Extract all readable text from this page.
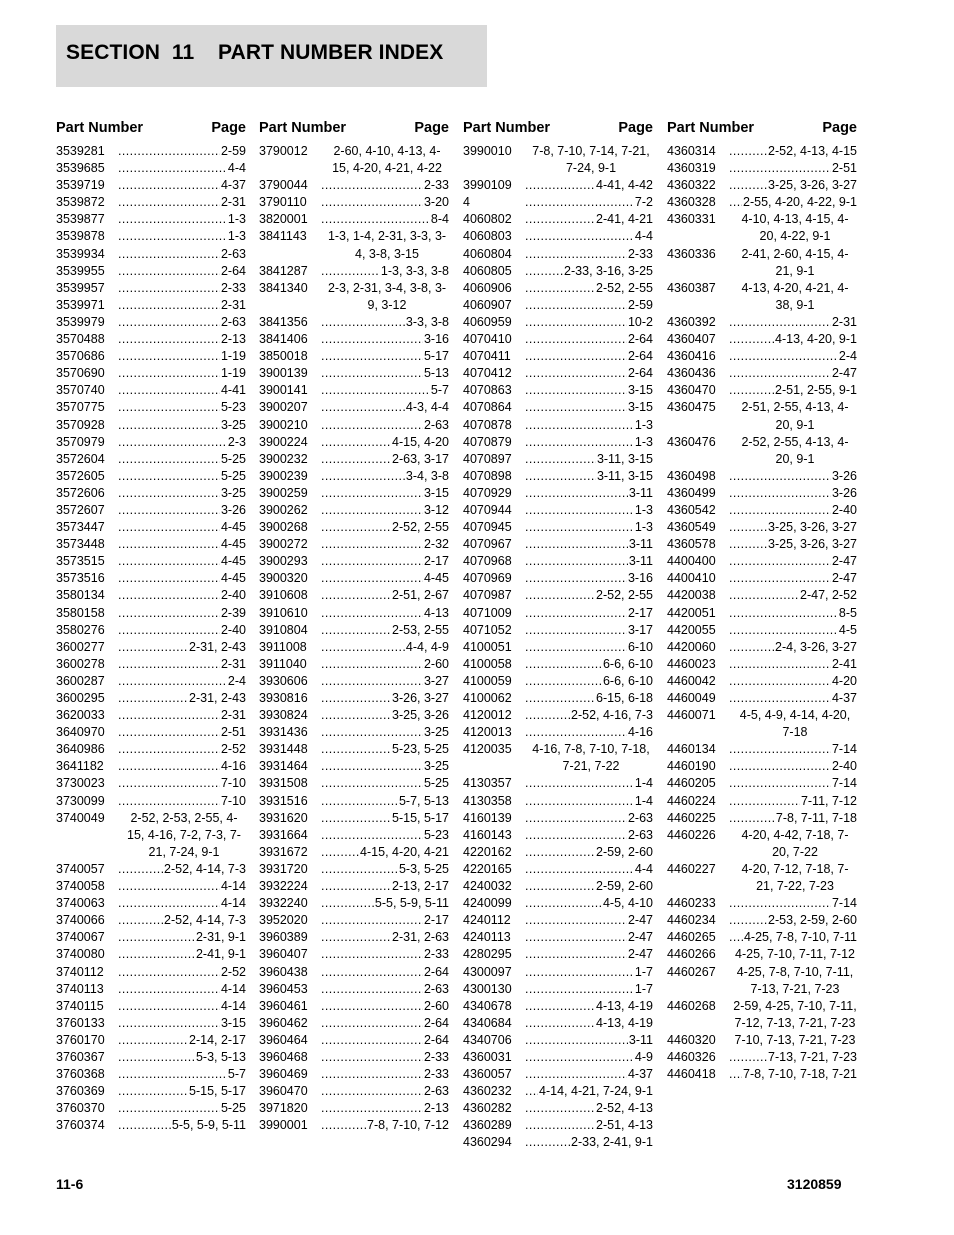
SECTION  11    PART NUMBER INDEX
Part Number	Page
3539281 .....	2-59
3539685 .....	4-4
3539719 .....	4-37
3539872 .....	2-31
3539877 .....	1-3
3539878 .....	1-3
3539934 .....	2-63
3539955 .....	2-64
3539957 .....	2-33
3539971 .....	2-31
3539979 .....	2-63
3570488 .....	2-13
3570686 .....	1-19
3570690 .....	1-19
3570740 .....	4-41
3570775 .....	5-23
3570928 .....	3-25
3570979 .....	2-3
3572604 .....	5-25
3572605 .....	5-25
3572606 .....	3-25
3572607 .....	3-26
3573447 .....	4-45
3573448 .....	4-45
3573515 .....	4-45
3573516 .....	4-45
3580134 .....	2-40
3580158 .....	2-39
3580276 .....	2-40
3600277 .....	2-31, 2-43
3600278 .....	2-31
3600287 .....	2-4
3600295 .....	2-31, 2-43
3620033 .....	2-31
3640970 .....	2-51
3640986 .....	2-52
3641182 .....	4-16
3730023 .....	7-10
3730099 .....	7-10
3740049	2-52, 2-53, 2-55, 4-15, 4-16, 7-2, 7-3, 7-21, 7-24, 9-1
3740057 .....	2-52, 4-14, 7-3
3740058 .....	4-14
3740063 .....	4-14
3740066 .....	2-52, 4-14, 7-3
3740067 .....	2-31, 9-1
3740080 .....	2-41, 9-1
3740112 .....	2-52
3740113 .....	4-14
3740115 .....	4-14
3760133 .....	3-15
3760170 .....	2-14, 2-17
3760367 .....	5-3, 5-13
3760368 .....	5-7
3760369 .....	5-15, 5-17
3760370 .....	5-25
3760374 .....	5-5, 5-9, 5-11
Part Number	Page
3790012	2-60, 4-10, 4-13, 4-15, 4-20, 4-21, 4-22
3790044 .....	2-33
3790110 .....	3-20
3820001 .....	8-4
3841143	1-3, 1-4, 2-31, 3-3, 3-4, 3-8, 3-15
3841287 .....	1-3, 3-3, 3-8
3841340	2-3, 2-31, 3-4, 3-8, 3-9, 3-12
3841356 .....	3-3, 3-8
3841406 .....	3-16
3850018 .....	5-17
3900139 .....	5-13
3900141 .....	5-7
3900207 .....	4-3, 4-4
3900210 .....	2-63
3900224 .....	4-15, 4-20
3900232 .....	2-63, 3-17
3900239 .....	3-4, 3-8
3900259 .....	3-15
3900262 .....	3-12
3900268 .....	2-52, 2-55
3900272 .....	2-32
3900293 .....	2-17
3900320 .....	4-45
3910608 .....	2-51, 2-67
3910610 .....	4-13
3910804 .....	2-53, 2-55
3911008 .....	4-4, 4-9
3911040 .....	2-60
3930606 .....	3-27
3930816 .....	3-26, 3-27
3930824 .....	3-25, 3-26
3931436 .....	3-25
3931448 .....	5-23, 5-25
3931464 .....	3-25
3931508 .....	5-25
3931516 .....	5-7, 5-13
3931620 .....	5-15, 5-17
3931664 .....	5-23
3931672 .....	4-15, 4-20, 4-21
3931720 .....	5-3, 5-25
3932224 .....	2-13, 2-17
3932240 .....	5-5, 5-9, 5-11
3952020 .....	2-17
3960389 .....	2-31, 2-63
3960407 .....	2-33
3960438 .....	2-64
3960453 .....	2-63
3960461 .....	2-60
3960462 .....	2-64
3960464 .....	2-64
3960468 .....	2-33
3960469 .....	2-33
3960470 .....	2-63
3971820 .....	2-13
3990001 .....	7-8, 7-10, 7-12
Part Number	Page
3990010	7-8, 7-10, 7-14, 7-21, 7-24, 9-1
3990109 .....	4-41, 4-42
4 .....	7-2
4060802 .....	2-41, 4-21
4060803 .....	4-4
4060804 .....	2-33
4060805 .....	2-33, 3-16, 3-25
4060906 .....	2-52, 2-55
4060907 .....	2-59
4060959 .....	10-2
4070410 .....	2-64
4070411 .....	2-64
4070412 .....	2-64
4070863 .....	3-15
4070864 .....	3-15
4070878 .....	1-3
4070879 .....	1-3
4070897 .....	3-11, 3-15
4070898 .....	3-11, 3-15
4070929 .....	3-11
4070944 .....	1-3
4070945 .....	1-3
4070967 .....	3-11
4070968 .....	3-11
4070969 .....	3-16
4070987 .....	2-52, 2-55
4071009 .....	2-17
4071052 .....	3-17
4100051 .....	6-10
4100058 .....	6-6, 6-10
4100059 .....	6-6, 6-10
4100062 .....	6-15, 6-18
4120012 .....	2-52, 4-16, 7-3
4120013 .....	4-16
4120035	4-16, 7-8, 7-10, 7-18, 7-21, 7-22
4130357 .....	1-4
4130358 .....	1-4
4160139 .....	2-63
4160143 .....	2-63
4220162 .....	2-59, 2-60
4220165 .....	4-4
4240032 .....	2-59, 2-60
4240099 .....	4-5, 4-10
4240112 .....	2-47
4240113 .....	2-47
4280295 .....	2-47
4300097 .....	1-7
4300130 .....	1-7
4340678 .....	4-13, 4-19
4340684 .....	4-13, 4-19
4340706 .....	3-11
4360031 .....	4-9
4360057 .....	4-37
4360232 .....	4-14, 4-21, 7-24, 9-1
4360282 .....	2-52, 4-13
4360289 .....	2-51, 4-13
4360294 .....	2-33, 2-41, 9-1
Part Number	Page
4360314 .....	2-52, 4-13, 4-15
4360319 .....	2-51
4360322 .....	3-25, 3-26, 3-27
4360328 .....	2-55, 4-20, 4-22, 9-1
4360331	4-10, 4-13, 4-15, 4-20, 4-22, 9-1
4360336	2-41, 2-60, 4-15, 4-21, 9-1
4360387	4-13, 4-20, 4-21, 4-38, 9-1
4360392 .....	2-31
4360407 .....	4-13, 4-20, 9-1
4360416 .....	2-4
4360436 .....	2-47
4360470 .....	2-51, 2-55, 9-1
4360475	2-51, 2-55, 4-13, 4-20, 9-1
4360476	2-52, 2-55, 4-13, 4-20, 9-1
4360498 .....	3-26
4360499 .....	3-26
4360542 .....	2-40
4360549 .....	3-25, 3-26, 3-27
4360578 .....	3-25, 3-26, 3-27
4400400 .....	2-47
4400410 .....	2-47
4420038 .....	2-47, 2-52
4420051 .....	8-5
4420055 .....	4-5
4420060 .....	2-4, 3-26, 3-27
4460023 .....	2-41
4460042 .....	4-20
4460049 .....	4-37
4460071	4-5, 4-9, 4-14, 4-20, 7-18
4460134 .....	7-14
4460190 .....	2-40
4460205 .....	7-14
4460224 .....	7-11, 7-12
4460225 .....	7-8, 7-11, 7-18
4460226	4-20, 4-42, 7-18, 7-20, 7-22
4460227	4-20, 7-12, 7-18, 7-21, 7-22, 7-23
4460233 .....	7-14
4460234 .....	2-53, 2-59, 2-60
4460265 .....	4-25, 7-8, 7-10, 7-11
4460266	4-25, 7-10, 7-11, 7-12
4460267	4-25, 7-8, 7-10, 7-11, 7-13, 7-21, 7-23
4460268	2-59, 4-25, 7-10, 7-11, 7-12, 7-13, 7-21, 7-23
4460320	7-10, 7-13, 7-21, 7-23
4460326 .....	7-13, 7-21, 7-23
4460418 .....	7-8, 7-10, 7-18, 7-21
11-6	3120859
